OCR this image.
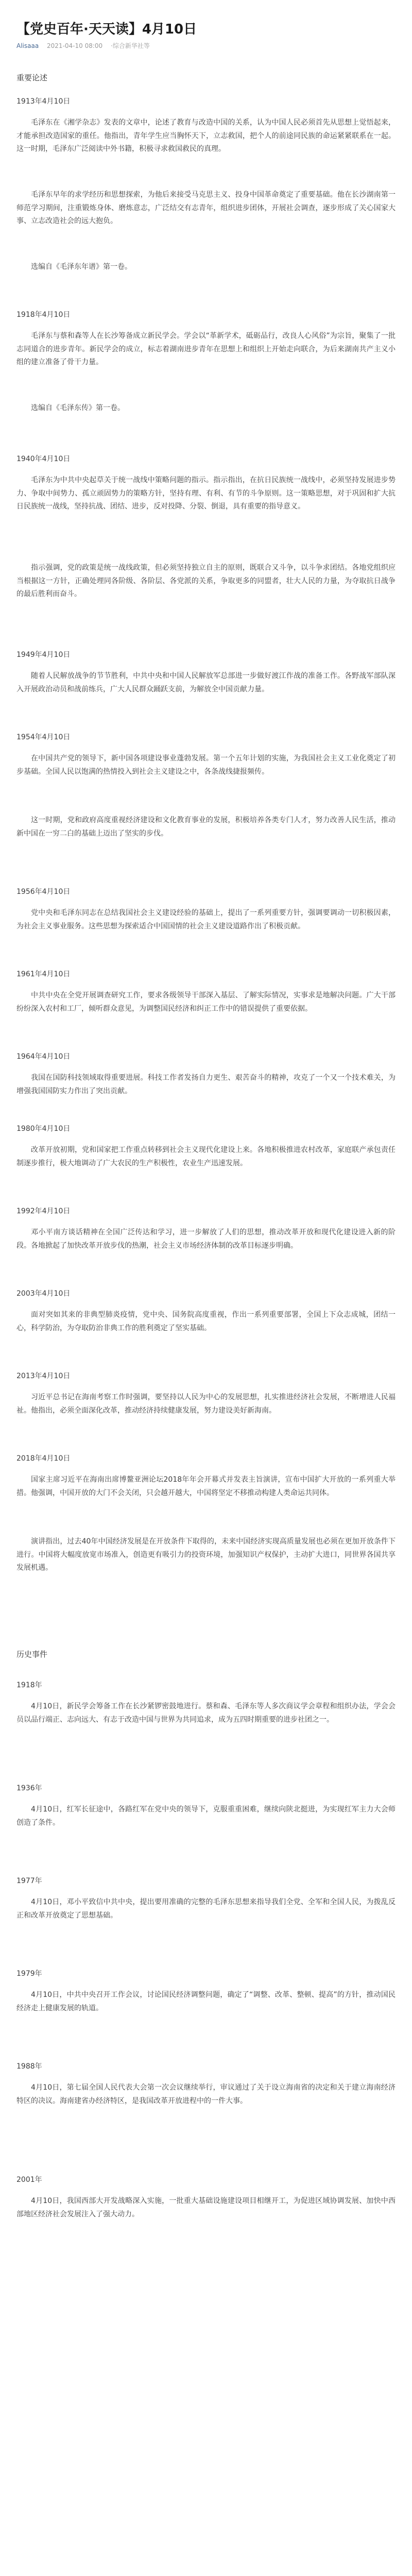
【党史百年·天天读】4月10日
Alisaaa 2021-04-10 08:00 ·综合新华社等

重要论述

1913年4月10日

毛泽东在《湘学杂志》发表的文章中，论述了教育与改造中国的关系，认为中国人民必须首先从思想上觉悟起来，才能承担改造国家的重任。他指出，青年学生应当胸怀天下，立志救国，把个人的前途同民族的命运紧紧联系在一起。这一时期，毛泽东广泛阅读中外书籍，积极寻求救国救民的真理。

毛泽东早年的求学经历和思想探索，为他后来接受马克思主义、投身中国革命奠定了重要基础。他在长沙湖南第一师范学习期间，注重锻炼身体、磨炼意志，广泛结交有志青年，组织进步团体，开展社会调查，逐步形成了关心国家大事、立志改造社会的远大抱负。

选编自《毛泽东年谱》第一卷。

1918年4月10日

毛泽东与蔡和森等人在长沙筹备成立新民学会。学会以“革新学术，砥砺品行，改良人心风俗”为宗旨，聚集了一批志同道合的进步青年。新民学会的成立，标志着湖南进步青年在思想上和组织上开始走向联合，为后来湖南共产主义小组的建立准备了骨干力量。

选编自《毛泽东传》第一卷。

1940年4月10日

毛泽东为中共中央起草关于统一战线中策略问题的指示。指示指出，在抗日民族统一战线中，必须坚持发展进步势力、争取中间势力、孤立顽固势力的策略方针，坚持有理、有利、有节的斗争原则。这一策略思想，对于巩固和扩大抗日民族统一战线，坚持抗战、团结、进步，反对投降、分裂、倒退，具有重要的指导意义。

指示强调，党的政策是统一战线政策，但必须坚持独立自主的原则，既联合又斗争，以斗争求团结。各地党组织应当根据这一方针，正确处理同各阶级、各阶层、各党派的关系，争取更多的同盟者，壮大人民的力量，为夺取抗日战争的最后胜利而奋斗。

1949年4月10日

随着人民解放战争的节节胜利，中共中央和中国人民解放军总部进一步做好渡江作战的准备工作。各野战军部队深入开展政治动员和战前练兵，广大人民群众踊跃支前，为解放全中国贡献力量。

1954年4月10日

在中国共产党的领导下，新中国各项建设事业蓬勃发展。第一个五年计划的实施，为我国社会主义工业化奠定了初步基础。全国人民以饱满的热情投入到社会主义建设之中，各条战线捷报频传。

这一时期，党和政府高度重视经济建设和文化教育事业的发展，积极培养各类专门人才，努力改善人民生活，推动新中国在一穷二白的基础上迈出了坚实的步伐。

1956年4月10日

党中央和毛泽东同志在总结我国社会主义建设经验的基础上，提出了一系列重要方针，强调要调动一切积极因素，为社会主义事业服务。这些思想为探索适合中国国情的社会主义建设道路作出了积极贡献。

1961年4月10日

中共中央在全党开展调查研究工作，要求各级领导干部深入基层、了解实际情况，实事求是地解决问题。广大干部纷纷深入农村和工厂，倾听群众意见，为调整国民经济和纠正工作中的错误提供了重要依据。

1964年4月10日

我国在国防科技领域取得重要进展。科技工作者发扬自力更生、艰苦奋斗的精神，攻克了一个又一个技术难关，为增强我国国防实力作出了突出贡献。

1980年4月10日

改革开放初期，党和国家把工作重点转移到社会主义现代化建设上来。各地积极推进农村改革，家庭联产承包责任制逐步推行，极大地调动了广大农民的生产积极性，农业生产迅速发展。

1992年4月10日

邓小平南方谈话精神在全国广泛传达和学习，进一步解放了人们的思想，推动改革开放和现代化建设进入新的阶段。各地掀起了加快改革开放步伐的热潮，社会主义市场经济体制的改革目标逐步明确。

2003年4月10日

面对突如其来的非典型肺炎疫情，党中央、国务院高度重视，作出一系列重要部署，全国上下众志成城，团结一心，科学防治，为夺取防治非典工作的胜利奠定了坚实基础。

2013年4月10日

习近平总书记在海南考察工作时强调，要坚持以人民为中心的发展思想，扎实推进经济社会发展，不断增进人民福祉。他指出，必须全面深化改革，推动经济持续健康发展，努力建设美好新海南。

2018年4月10日

国家主席习近平在海南出席博鳌亚洲论坛2018年年会开幕式并发表主旨演讲，宣布中国扩大开放的一系列重大举措。他强调，中国开放的大门不会关闭，只会越开越大，中国将坚定不移推动构建人类命运共同体。

演讲指出，过去40年中国经济发展是在开放条件下取得的，未来中国经济实现高质量发展也必须在更加开放条件下进行。中国将大幅度放宽市场准入，创造更有吸引力的投资环境，加强知识产权保护，主动扩大进口，同世界各国共享发展机遇。

历史事件

1918年

4月10日，新民学会筹备工作在长沙紧锣密鼓地进行。蔡和森、毛泽东等人多次商议学会章程和组织办法，学会会员以品行端正、志向远大、有志于改造中国与世界为共同追求，成为五四时期重要的进步社团之一。

1936年

4月10日，红军长征途中，各路红军在党中央的领导下，克服重重困难，继续向陕北挺进，为实现红军主力大会师创造了条件。

1977年

4月10日，邓小平致信中共中央，提出要用准确的完整的毛泽东思想来指导我们全党、全军和全国人民，为拨乱反正和改革开放奠定了思想基础。

1979年

4月10日，中共中央召开工作会议，讨论国民经济调整问题，确定了“调整、改革、整顿、提高”的方针，推动国民经济走上健康发展的轨道。

1988年

4月10日，第七届全国人民代表大会第一次会议继续举行，审议通过了关于设立海南省的决定和关于建立海南经济特区的决议。海南建省办经济特区，是我国改革开放进程中的一件大事。

2001年

4月10日，我国西部大开发战略深入实施，一批重大基础设施建设项目相继开工，为促进区域协调发展、加快中西部地区经济社会发展注入了强大动力。
